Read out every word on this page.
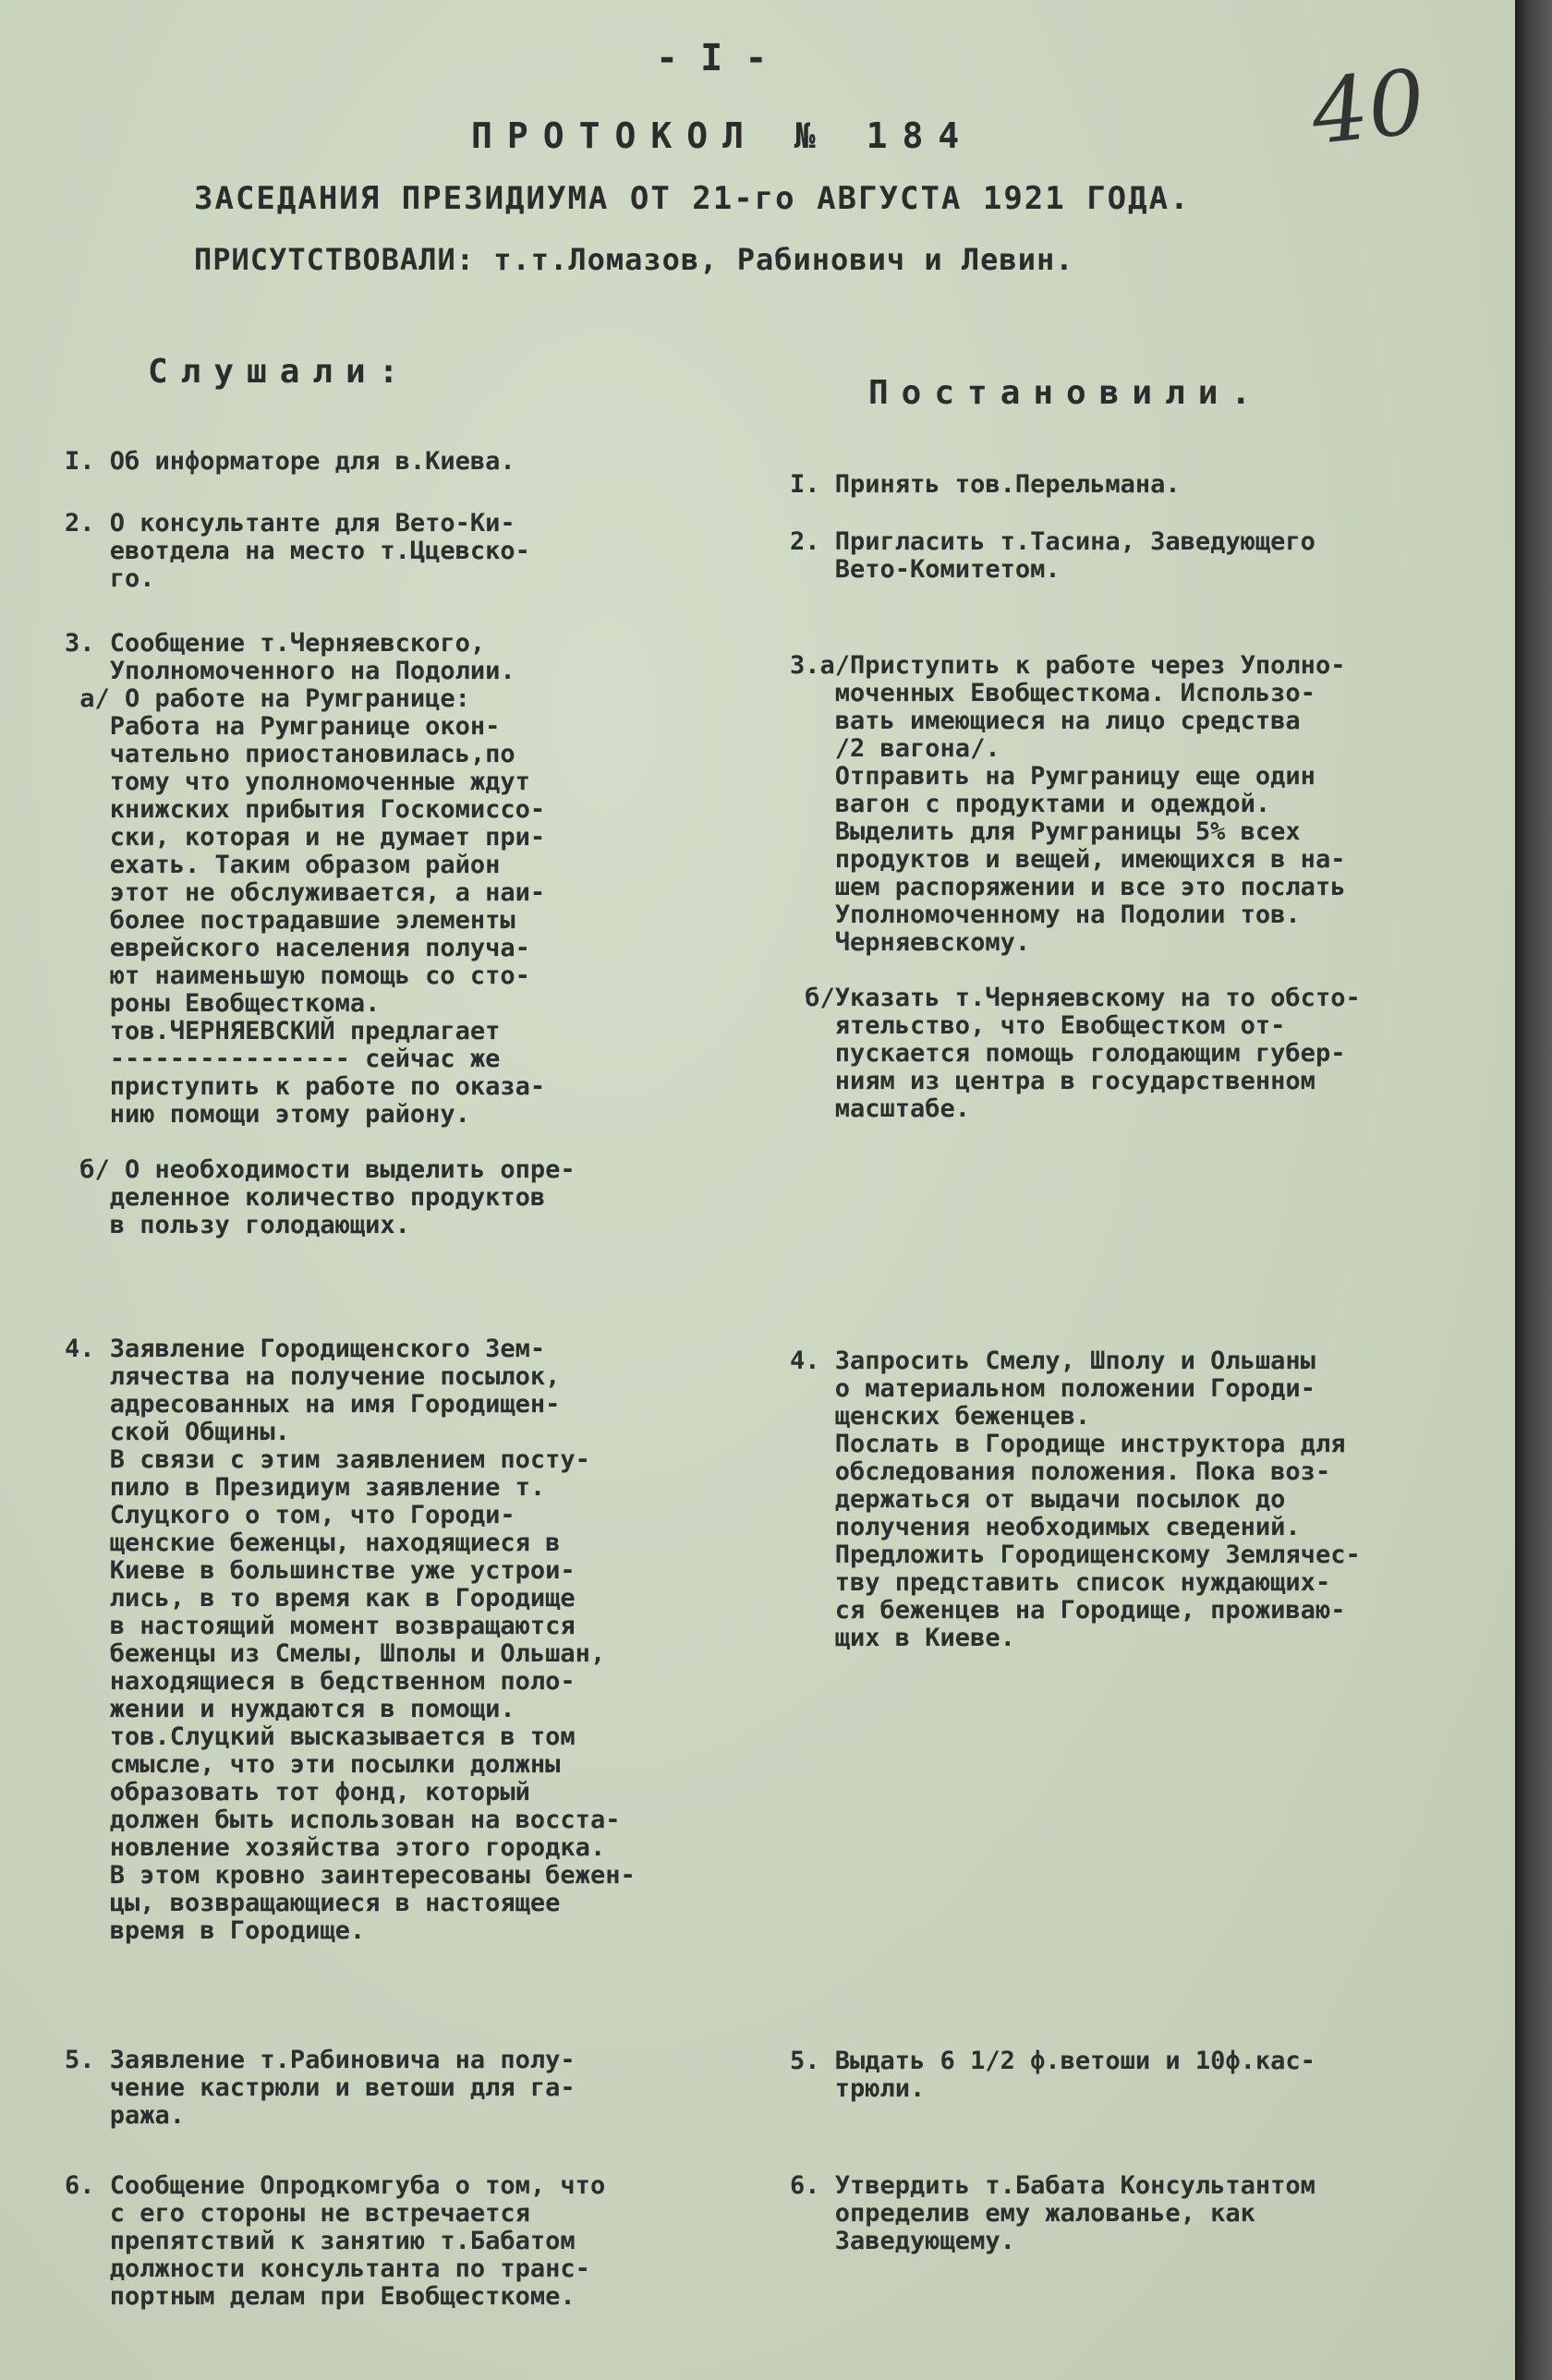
- I -	40
ПРОТОКОЛ № 184
ЗАСЕДАНИЯ ПРЕЗИДИУМА ОТ 21-го АВГУСТА 1921 ГОДА.
ПРИСУТСТВОВАЛИ: т.т.Ломазов, Рабинович и Левин.
Слушали:
Постановили.
I. Об информаторе для в.Киева.
I. Принять тов.Перельмана.
2. О консультанте для Вето-Ки-
евотдела на место т.Ццевско-
го.
2. Пригласить т.Тасина, Заведующего
Вето-Комитетом.
3. Сообщение т.Черняевского,
Уполномоченного на Подолии.
а/ О работе на Румгранице:
Работа на Румгранице окон-
чательно приостановилась,по
тому что уполномоченные ждут
книжских прибытия Госкомиссо-
ски, которая и не думает при-
ехать. Таким образом район
этот не обслуживается, а наи-
более пострадавшие элементы
еврейского населения получа-
ют наименьшую помощь со сто-
роны Евобщесткома.
тов.ЧЕРНЯЕВСКИЙ предлагает
---------------- сейчас же
приступить к работе по оказа-
нию помощи этому району.

б/ О необходимости выделить опре-
деленное количество продуктов
в пользу голодающих.
3.а/Приступить к работе через Уполно-
моченных Евобщесткома. Использо-
вать имеющиеся на лицо средства
/2 вагона/.
Отправить на Румграницу еще один
вагон с продуктами и одеждой.
Выделить для Румграницы 5% всех
продуктов и вещей, имеющихся в на-
шем распоряжении и все это послать
Уполномоченному на Подолии тов.
Черняевскому.

б/Указать т.Черняевскому на то обсто-
ятельство, что Евобщестком от-
пускается помощь голодающим губер-
ниям из центра в государственном
масштабе.
4. Заявление Городищенского Зем-
лячества на получение посылок,
адресованных на имя Городищен-
ской Общины.
В связи с этим заявлением посту-
пило в Президиум заявление т.
Слуцкого о том, что Городи-
щенские беженцы, находящиеся в
Киеве в большинстве уже устрои-
лись, в то время как в Городище
в настоящий момент возвращаются
беженцы из Смелы, Шполы и Ольшан,
находящиеся в бедственном поло-
жении и нуждаются в помощи.
тов.Слуцкий высказывается в том
смысле, что эти посылки должны
образовать тот фонд, который
должен быть использован на восста-
новление хозяйства этого городка.
В этом кровно заинтересованы бежен-
цы, возвращающиеся в настоящее
время в Городище.
4. Запросить Смелу, Шполу и Ольшаны
о материальном положении Городи-
щенских беженцев.
Послать в Городище инструктора для
обследования положения. Пока воз-
держаться от выдачи посылок до
получения необходимых сведений.
Предложить Городищенскому Землячес-
тву представить список нуждающих-
ся беженцев на Городище, проживаю-
щих в Киеве.
5. Заявление т.Рабиновича на полу-
чение кастрюли и ветоши для га-
ража.
5. Выдать 6 1/2 ф.ветоши и 10ф.кас-
трюли.
6. Сообщение Опродкомгуба о том, что
с его стороны не встречается
препятствий к занятию т.Бабатом
должности консультанта по транс-
портным делам при Евобщесткоме.
6. Утвердить т.Бабата Консультантом
определив ему жалованье, как
Заведующему.
